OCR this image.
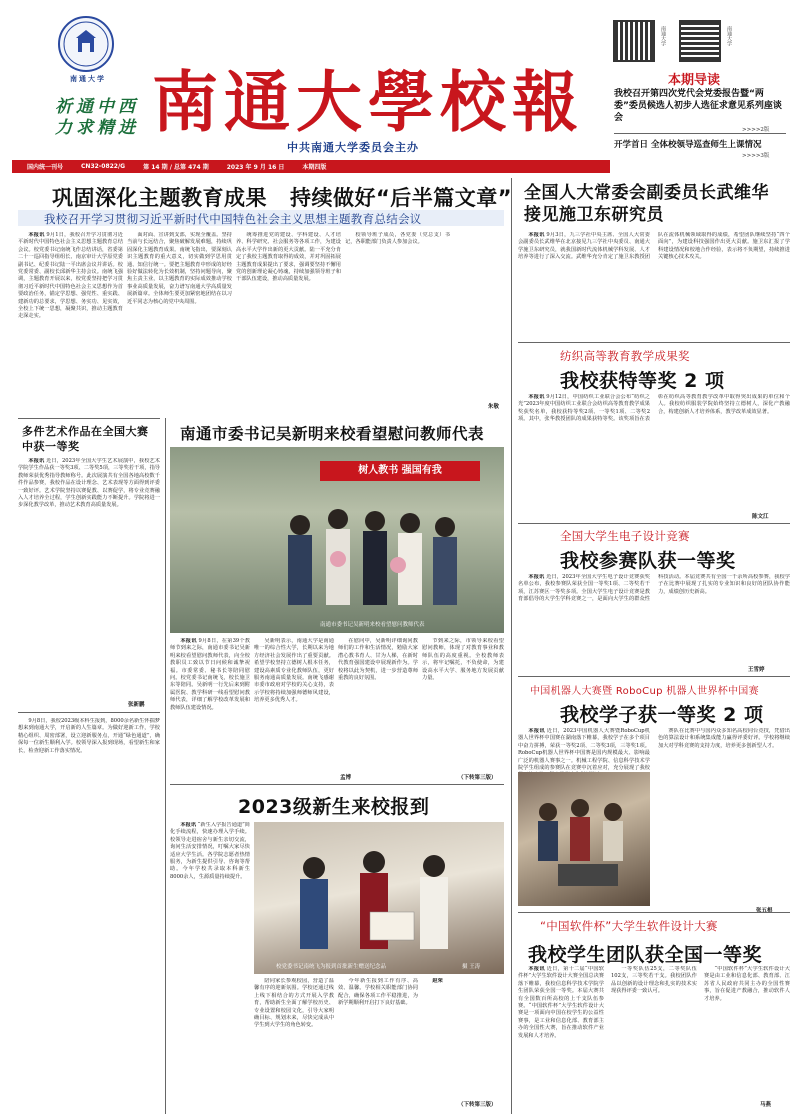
南通大学
祈通中西
力求精进 南通大學校報
中共南通大学委员会主办
南通大学	南通大学
本期导读
我校召开第四次党代会党委报告暨“两委”委员候选人初步人选征求意见系列座谈会
>>>>2版
开学首日 全体校领导巡查师生上课情况
>>>>3版
国内统一刊号	CN32-0822/G	第 14 期 / 总第 474 期	2023 年 9 月 16 日	本期四版
巩固深化主题教育成果 持续做好“后半篇文章”
我校召开学习贯彻习近平新时代中国特色社会主义思想主题教育总结会议

本报讯 9月1日，我校召开学习贯彻习近平新时代中国特色社会主义思想主题教育总结会议。校党委书记南统飞作总结讲话，省委第二十一巡回指导组组长、南京审计大学原党委副书记、纪委书记陆一平出席会议并讲话。校党委常委、副校长邱新华主持会议。南统飞强调，主题教育开展以来，校党委坚持把学习贯彻习近平新时代中国特色社会主义思想作为首要政治任务，锚定学思想、强党性、重实践、建新功的总要求，学思想、务实功、见实效，全校上下统一思想，凝聚共识，推动主题教育走深走实。

面对面、宣讲到支部，实现全覆盖。坚持当前与长远结合，聚焦破解发展难题，持续巩固深化主题教育成果。南统飞指出，要深刻认识主题教育的重大意义，切实做到学思用贯通、知信行统一。要把主题教育中形成的好经验好做法转化为长效机制，坚持问题导向，聚焦主责主业，以主题教育的实际成效推动学校事业高质量发展，奋力谱写南通大学高质量发展新篇章。全体师生要更加紧密地团结在以习近平同志为核心的党中央周围。

统筹推进党的建设、学科建设、人才培养、科学研究、社会服务等各项工作，为建设高水平大学作出新的更大贡献。陆一平充分肯定了我校主题教育取得的成效，并对巩固拓展主题教育成果提出了要求，强调要坚持不懈用党的创新理论凝心铸魂，持续加强领导班子和干部队伍建设，推动高质量发展。

校领导班子成员，各党委（党总支）书记，各职能部门负责人参加会议。

朱敬
全国人大常委会副委员长武维华接见施卫东研究员

本报讯 9月3日，九三学社中央主席、全国人大常委会副委员长武维华在北京接见九三学社中央委员、南通大学施卫东研究员，就我国新时代流体机械学科发展、人才培养等进行了深入交流。武维华充分肯定了施卫东教授团队在流体机械领域取得的成绩，希望团队继续坚持“四个面向”，为建设科技强国作出更大贡献。施卫东汇报了学科建设情况和校地合作经验，表示将不负期望，持续推进关键核心技术攻关。

纺织高等教育教学成果奖
我校获特等奖 2 项

本报讯 9月12日，中国纺织工业联合会公布“纺织之光”2023年度中国纺织工业联合会纺织高等教育教学成果奖获奖名单，我校获特等奖2项、一等奖1项、二等奖2项。其中，张华教授团队的成果获特等奖。该奖项旨在表彰在纺织高等教育教学改革中取得突出成果的单位和个人。我校纺织服装学院始终坚持立德树人，深化产教融合，构建创新人才培养体系，教学改革成效显著。

陈文江
全国大学生电子设计竞赛
我校参赛队获一等奖

本报讯 近日，2023年全国大学生电子设计竞赛获奖名单公布，我校参赛队荣获全国一等奖1项、二等奖若干项，江苏赛区一等奖多项。全国大学生电子设计竞赛是教育部倡导的大学生学科竞赛之一，是面向大学生的群众性科技活动。本届竞赛共有全国一千余所高校参赛，我校学子在比赛中展现了扎实的专业知识和良好的团队协作能力，成绩创历史新高。

王雪婷
中国机器人大赛暨 RoboCup 机器人世界杯中国赛
我校学子获一等奖 2 项

本报讯 近日，2023中国机器人大赛暨RoboCup机器人世界杯中国赛在湖南落下帷幕，我校学子在多个项目中奋力拼搏，荣获一等奖2项、二等奖3项，三等奖1项。RoboCup机器人世界杯中国赛是国内规模最大、影响最广泛的机器人赛事之一。机械工程学院、信息科学技术学院学生组成的参赛队在竞赛中沉着应对，充分展现了我校

赛队在比赛中与国内众多知名高校同台竞技，凭借出色的算法设计和系统集成能力赢得评委好评。学校将继续加大对学科竞赛的支持力度，培养更多创新型人才。

张五根
“中国软件杯”大学生软件设计大赛
我校学生团队获全国一等奖

本报讯 近日，第十二届“中国软件杯”大学生软件设计大赛全国总决赛落下帷幕，我校信息科学技术学院学生团队荣获全国一等奖。本届大赛共有全国数百所高校的上千支队伍参赛。“中国软件杯”大学生软件设计大赛是一项面向中国在校学生的公益性赛事，是工业和信息化部、教育部主办的全国性大赛，旨在推动软件产业发展和人才培养。

一等奖队伍25支，二等奖队伍102支，三等奖若干支。我校团队作品以创新的设计理念和扎实的技术实现获得评委一致认可。

“中国软件杯”大学生软件设计大赛是由工业和信息化部、教育部、江苏省人民政府共同主办的全国性赛事，旨在促进产教融合，推动软件人才培养。

马燕
多件艺术作品在全国大赛中获一等奖

本报讯 近日，2023年全国大学生艺术展演中，我校艺术学院学生作品获一等奖3项、二等奖5项，三等奖若干项，指导教师荣获优秀指导教师称号。此次展演共有全国各地高校数千件作品参赛，我校作品在设计理念、艺术表现等方面得到评委一致好评。艺术学院坚持以赛促教、以赛促学，将专业竞赛融入人才培养全过程，学生创新实践能力不断提升。学院将进一步深化教学改革，推动艺术教育高质量发展。

张新鹏

9月8日，我校2023级本科生报到，8000余名新生怀揣梦想来到南通大学，开启新的人生篇章。为做好迎新工作，学校精心组织、周密部署，设立迎新服务点，开通“绿色通道”，确保每一位新生顺利入学。校领导深入报到现场，看望新生和家长，检查迎新工作落实情况。

南通市委书记吴新明来校看望慰问教师代表
树人教书 强国有我
南通市委书记吴新明来校看望慰问教师代表

本报讯 9月8日，在第39个教师节到来之际，南通市委书记吴新明来校看望慰问教师代表，向全校教职员工致以节日问候和诚挚祝福。市委常委、秘书长等陪同慰问。校党委书记南统飞，校长施卫东等陪同。吴新明一行先后来到附属医院、教学科研一线看望慰问教师代表，详细了解学校改革发展和教师队伍建设情况。

吴新明表示，南通大学是南通唯一的综合性大学，长期以来为地方经济社会发展作出了重要贡献。希望学校坚持立德树人根本任务，建设高素质专业化教师队伍，更好服务南通高质量发展。南统飞感谢市委市政府对学校的关心支持，表示学校将持续加强师德师风建设，培养更多优秀人才。

在慰问中，吴新明详细询问教师们的工作和生活情况，勉励大家潜心教书育人、甘为人梯，在新时代教育强国建设中展现新作为。学校将以此为契机，进一步营造尊师重教的良好氛围。

节到来之际，市领导来校看望慰问教师，体现了对教育事业和教师队伍的高度重视。全校教师表示，将牢记嘱托，不负使命，为建设高水平大学、服务地方发展贡献力量。

孟博	（下转第三版）
2023级新生来校报到

本报讯 “新生入学报告通道”简化手续流程，快速办理入学手续。校领导走进宿舍与新生亲切交流，询问生活安排情况，叮嘱大家尽快适应大学生活。各学院志愿者热情服务，为新生提供引导、咨询等帮助。今年学校共录取本科新生8000余人，生源质量持续提升。

校党委书记南统飞为报到首批新生赠送纪念品	摄 王涛

陪同家长参观校园，营造了温馨有序的迎新氛围。学校还通过线上线下相结合的方式开展入学教育，帮助新生全面了解学校历史、专业设置和校园文化，引导大家明确目标、规划未来，尽快完成从中学生到大学生的角色转变。

今年新生报到工作有序、高效、温馨。学校相关职能部门协同配合，确保各项工作平稳推进，为新学期顺利开启打下良好基础。

赵荣

（下转第三版）
